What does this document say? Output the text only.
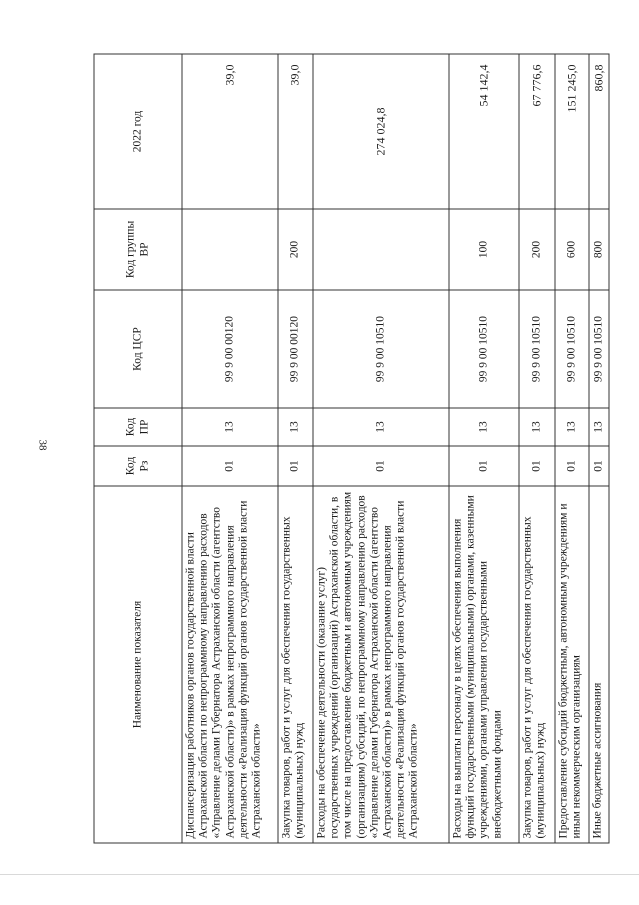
38
Наименование показателя	Код Рз	Код ПР	Код ЦСР	Код группы ВР	2022 год
Диспансеризация работников органов государственной власти Астраханской области по непрограммному направлению расходов «Управление делами Губернатора Астраханской области (агентство Астраханской области)» в рамках непрограммного направления деятельности «Реализация функций органов государственной власти Астраханской области»	01	13	99 9 00 00120		39,0
Закупка товаров, работ и услуг для обеспечения государственных (муниципальных) нужд	01	13	99 9 00 00120	200	39,0
Расходы на обеспечение деятельности (оказание услуг) государственных учреждений (организаций) Астраханской области, в том числе на предоставление бюджетным и автономным учреждениям (организациям) субсидий, по непрограммному направлению расходов «Управление делами Губернатора Астраханской области (агентство Астраханской области)» в рамках непрограммного направления деятельности «Реализация функций органов государственной власти Астраханской области»	01	13	99 9 00 10510		274 024,8
Расходы на выплаты персоналу в целях обеспечения выполнения функций государственными (муниципальными) органами, казенными учреждениями, органами управления государственными внебюджетными фондами	01	13	99 9 00 10510	100	54 142,4
Закупка товаров, работ и услуг для обеспечения государственных (муниципальных) нужд	01	13	99 9 00 10510	200	67 776,6
Предоставление субсидий бюджетным, автономным учреждениям и иным некоммерческим организациям	01	13	99 9 00 10510	600	151 245,0
Иные бюджетные ассигнования	01	13	99 9 00 10510	800	860,8
